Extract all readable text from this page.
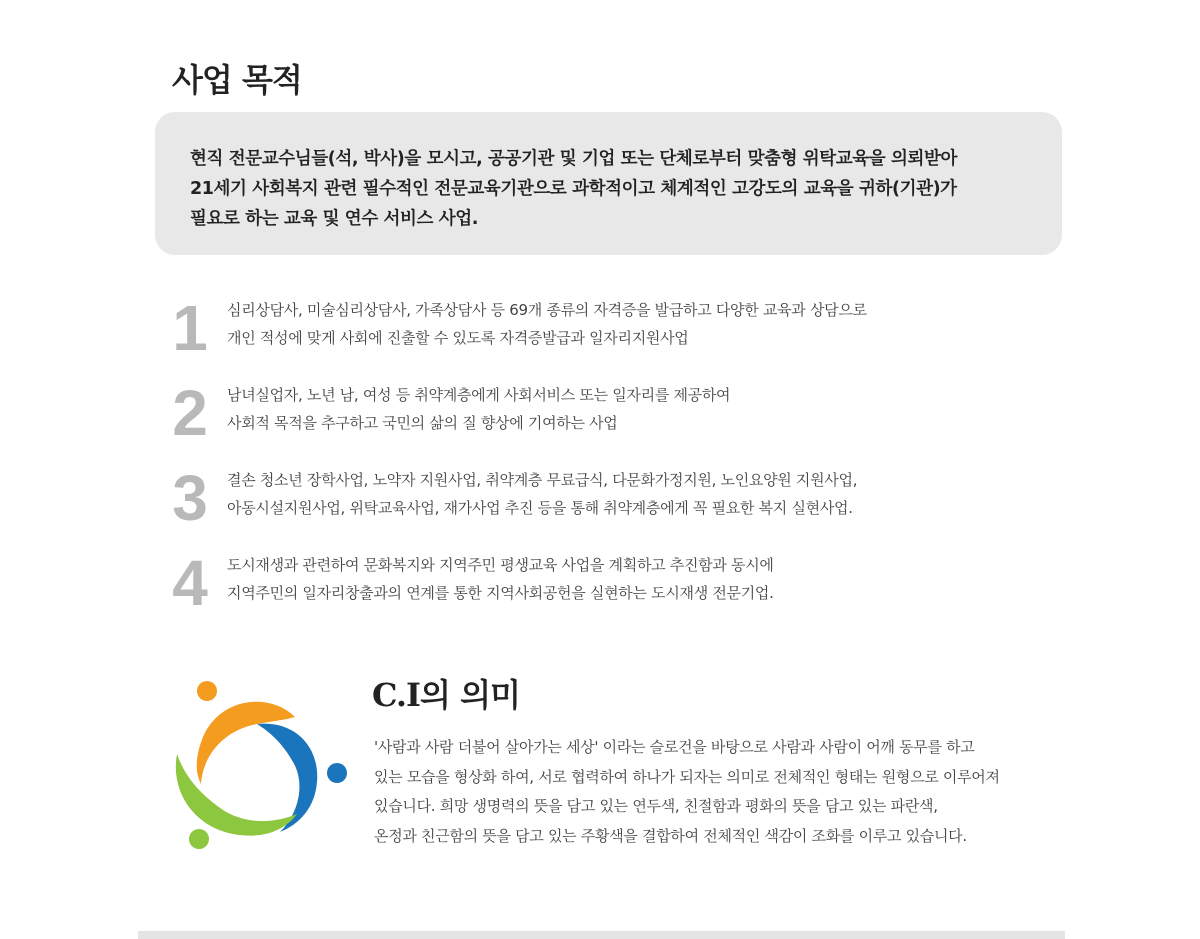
사업 목적

현직 전문교수님들(석, 박사)을 모시고, 공공기관 및 기업 또는 단체로부터 맞춤형 위탁교육을 의뢰받아
21세기 사회복지 관련 필수적인 전문교육기관으로 과학적이고 체계적인 고강도의 교육을 귀하(기관)가
필요로 하는 교육 및 연수 서비스 사업.

1 심리상담사, 미술심리상담사, 가족상담사 등 69개 종류의 자격증을 발급하고 다양한 교육과 상담으로
개인 적성에 맞게 사회에 진출할 수 있도록 자격증발급과 일자리지원사업

2 남녀실업자, 노년 남, 여성 등 취약계층에게 사회서비스 또는 일자리를 제공하여
사회적 목적을 추구하고 국민의 삶의 질 향상에 기여하는 사업

3 결손 청소년 장학사업, 노약자 지원사업, 취약계층 무료급식, 다문화가정지원, 노인요양원 지원사업,
아동시설지원사업, 위탁교육사업, 재가사업 추진 등을 통해 취약계층에게 꼭 필요한 복지 실현사업.

4 도시재생과 관련하여 문화복지와 지역주민 평생교육 사업을 계획하고 추진함과 동시에
지역주민의 일자리창출과의 연계를 통한 지역사회공헌을 실현하는 도시재생 전문기업.

C.I의 의미

'사람과 사람 더불어 살아가는 세상' 이라는 슬로건을 바탕으로 사람과 사람이 어깨 동무를 하고
있는 모습을 형상화 하여, 서로 협력하여 하나가 되자는 의미로 전체적인 형태는 원형으로 이루어져
있습니다. 희망 생명력의 뜻을 담고 있는 연두색, 친절함과 평화의 뜻을 담고 있는 파란색,
온정과 친근함의 뜻을 담고 있는 주황색을 결합하여 전체적인 색감이 조화를 이루고 있습니다.
